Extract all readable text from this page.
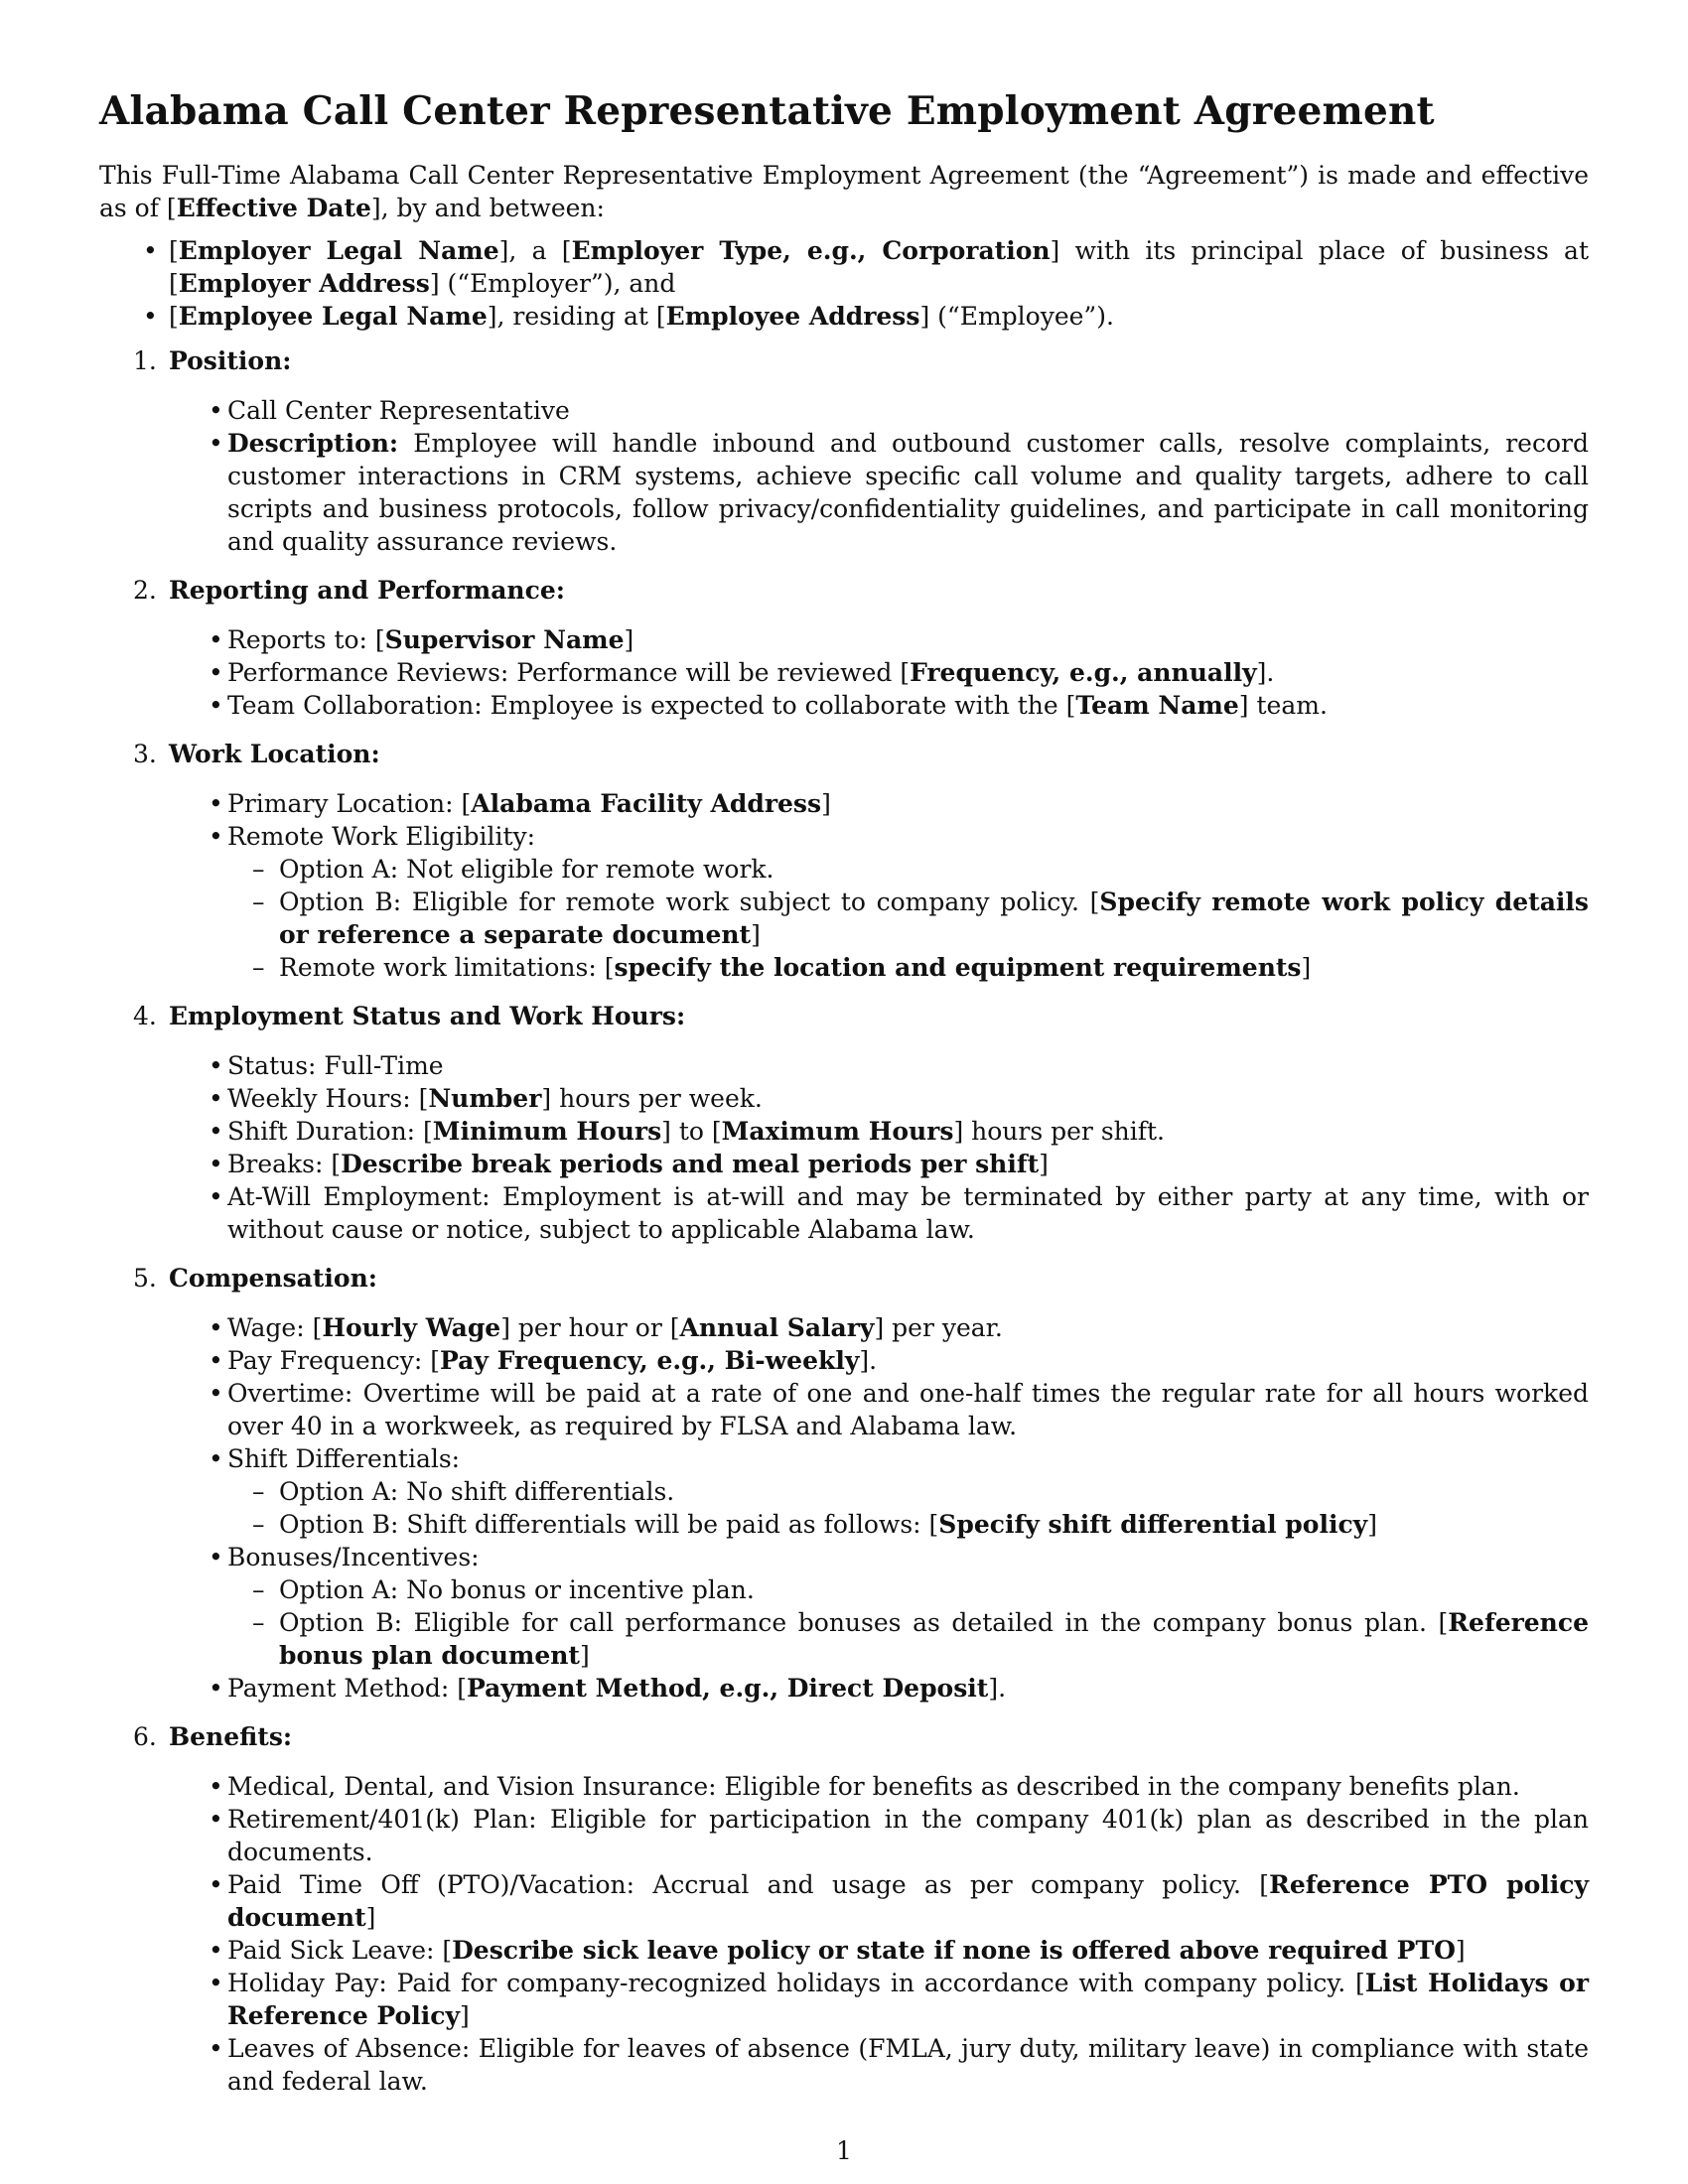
Alabama Call Center Representative Employment Agreement

This Full-Time Alabama Call Center Representative Employment Agreement (the “Agreement”) is made and effective as of [Effective Date], by and between:

• [Employer Legal Name], a [Employer Type, e.g., Corporation] with its principal place of business at [Employer Address] (“Employer”), and
• [Employee Legal Name], residing at [Employee Address] (“Employee”).
1. Position:
• Call Center Representative
• Description: Employee will handle inbound and outbound customer calls, resolve complaints, record customer interactions in CRM systems, achieve specific call volume and quality targets, adhere to call scripts and business protocols, follow privacy/confidentiality guidelines, and participate in call monitoring and quality assurance reviews.
2. Reporting and Performance:
• Reports to: [Supervisor Name]
• Performance Reviews: Performance will be reviewed [Frequency, e.g., annually].
• Team Collaboration: Employee is expected to collaborate with the [Team Name] team.
3. Work Location:
• Primary Location: [Alabama Facility Address]
• Remote Work Eligibility:
– Option A: Not eligible for remote work.
– Option B: Eligible for remote work subject to company policy. [Specify remote work policy details or reference a separate document]
– Remote work limitations: [specify the location and equipment requirements]
4. Employment Status and Work Hours:
• Status: Full-Time
• Weekly Hours: [Number] hours per week.
• Shift Duration: [Minimum Hours] to [Maximum Hours] hours per shift.
• Breaks: [Describe break periods and meal periods per shift]
• At-Will Employment: Employment is at-will and may be terminated by either party at any time, with or without cause or notice, subject to applicable Alabama law.
5. Compensation:
• Wage: [Hourly Wage] per hour or [Annual Salary] per year.
• Pay Frequency: [Pay Frequency, e.g., Bi-weekly].
• Overtime: Overtime will be paid at a rate of one and one-half times the regular rate for all hours worked over 40 in a workweek, as required by FLSA and Alabama law.
• Shift Differentials:
– Option A: No shift differentials.
– Option B: Shift differentials will be paid as follows: [Specify shift differential policy]
• Bonuses/Incentives:
– Option A: No bonus or incentive plan.
– Option B: Eligible for call performance bonuses as detailed in the company bonus plan. [Reference bonus plan document]
• Payment Method: [Payment Method, e.g., Direct Deposit].
6. Benefits:
• Medical, Dental, and Vision Insurance: Eligible for benefits as described in the company benefits plan.
• Retirement/401(k) Plan: Eligible for participation in the company 401(k) plan as described in the plan documents.
• Paid Time Off (PTO)/Vacation: Accrual and usage as per company policy. [Reference PTO policy document]
• Paid Sick Leave: [Describe sick leave policy or state if none is offered above required PTO]
• Holiday Pay: Paid for company-recognized holidays in accordance with company policy. [List Holidays or Reference Policy]
• Leaves of Absence: Eligible for leaves of absence (FMLA, jury duty, military leave) in compliance with state and federal law.
1
